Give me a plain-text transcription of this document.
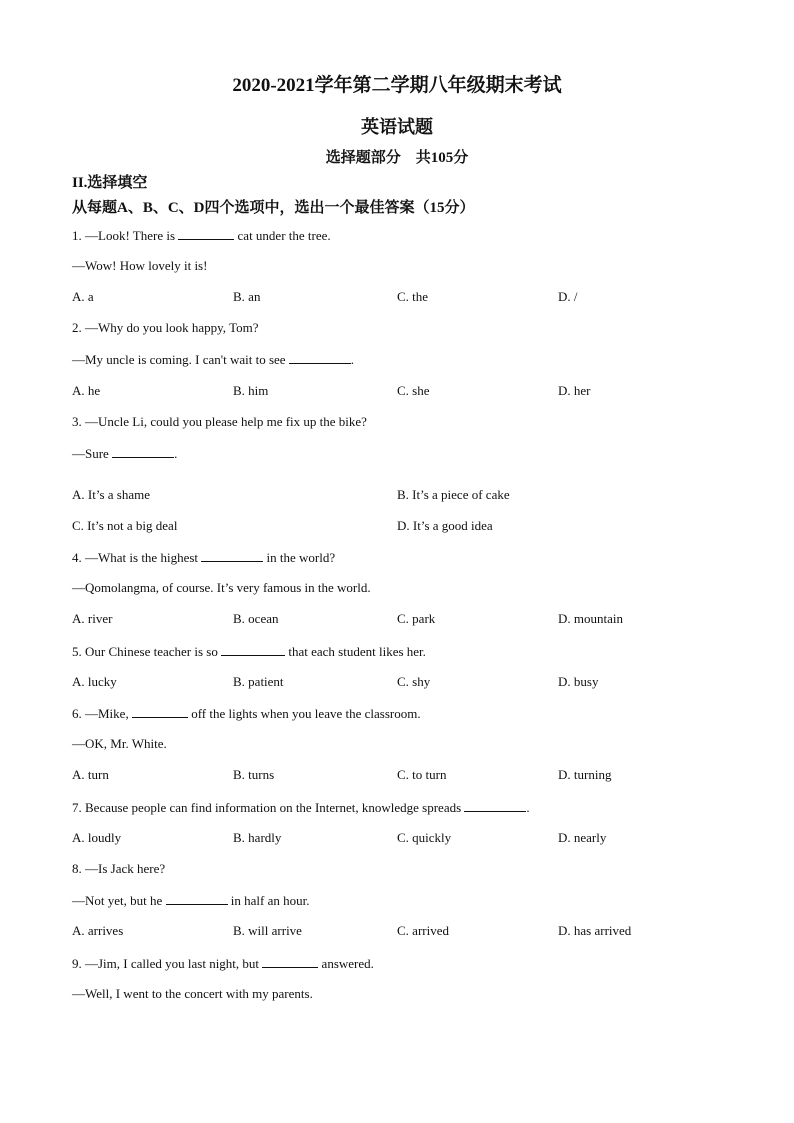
2020-2021学年第二学期八年级期末考试
英语试题
选择题部分　共105分
II.选择填空
从每题A、B、C、D四个选项中，选出一个最佳答案（15分）
1. —Look! There is	cat under the tree.
—Wow! How lovely it is!
A. a	B. an	C. the	D. /
2. —Why do you look happy, Tom?
—My uncle is coming. I can't wait to see	.
A. he	B. him	C. she	D. her
3. —Uncle Li, could you please help me fix up the bike?
—Sure	.
A. It’s a shame	B. It’s a piece of cake
C. It’s not a big deal	D. It’s a good idea
4. —What is the highest	in the world?
—Qomolangma, of course. It’s very famous in the world.
A. river	B. ocean	C. park	D. mountain
5. Our Chinese teacher is so	that each student likes her.
A. lucky	B. patient	C. shy	D. busy
6. —Mike,	off the lights when you leave the classroom.
—OK, Mr. White.
A. turn	B. turns	C. to turn	D. turning
7. Because people can find information on the Internet, knowledge spreads	.
A. loudly	B. hardly	C. quickly	D. nearly
8. —Is Jack here?
—Not yet, but he	in half an hour.
A. arrives	B. will arrive	C. arrived	D. has arrived
9. —Jim, I called you last night, but	answered.
—Well, I went to the concert with my parents.
